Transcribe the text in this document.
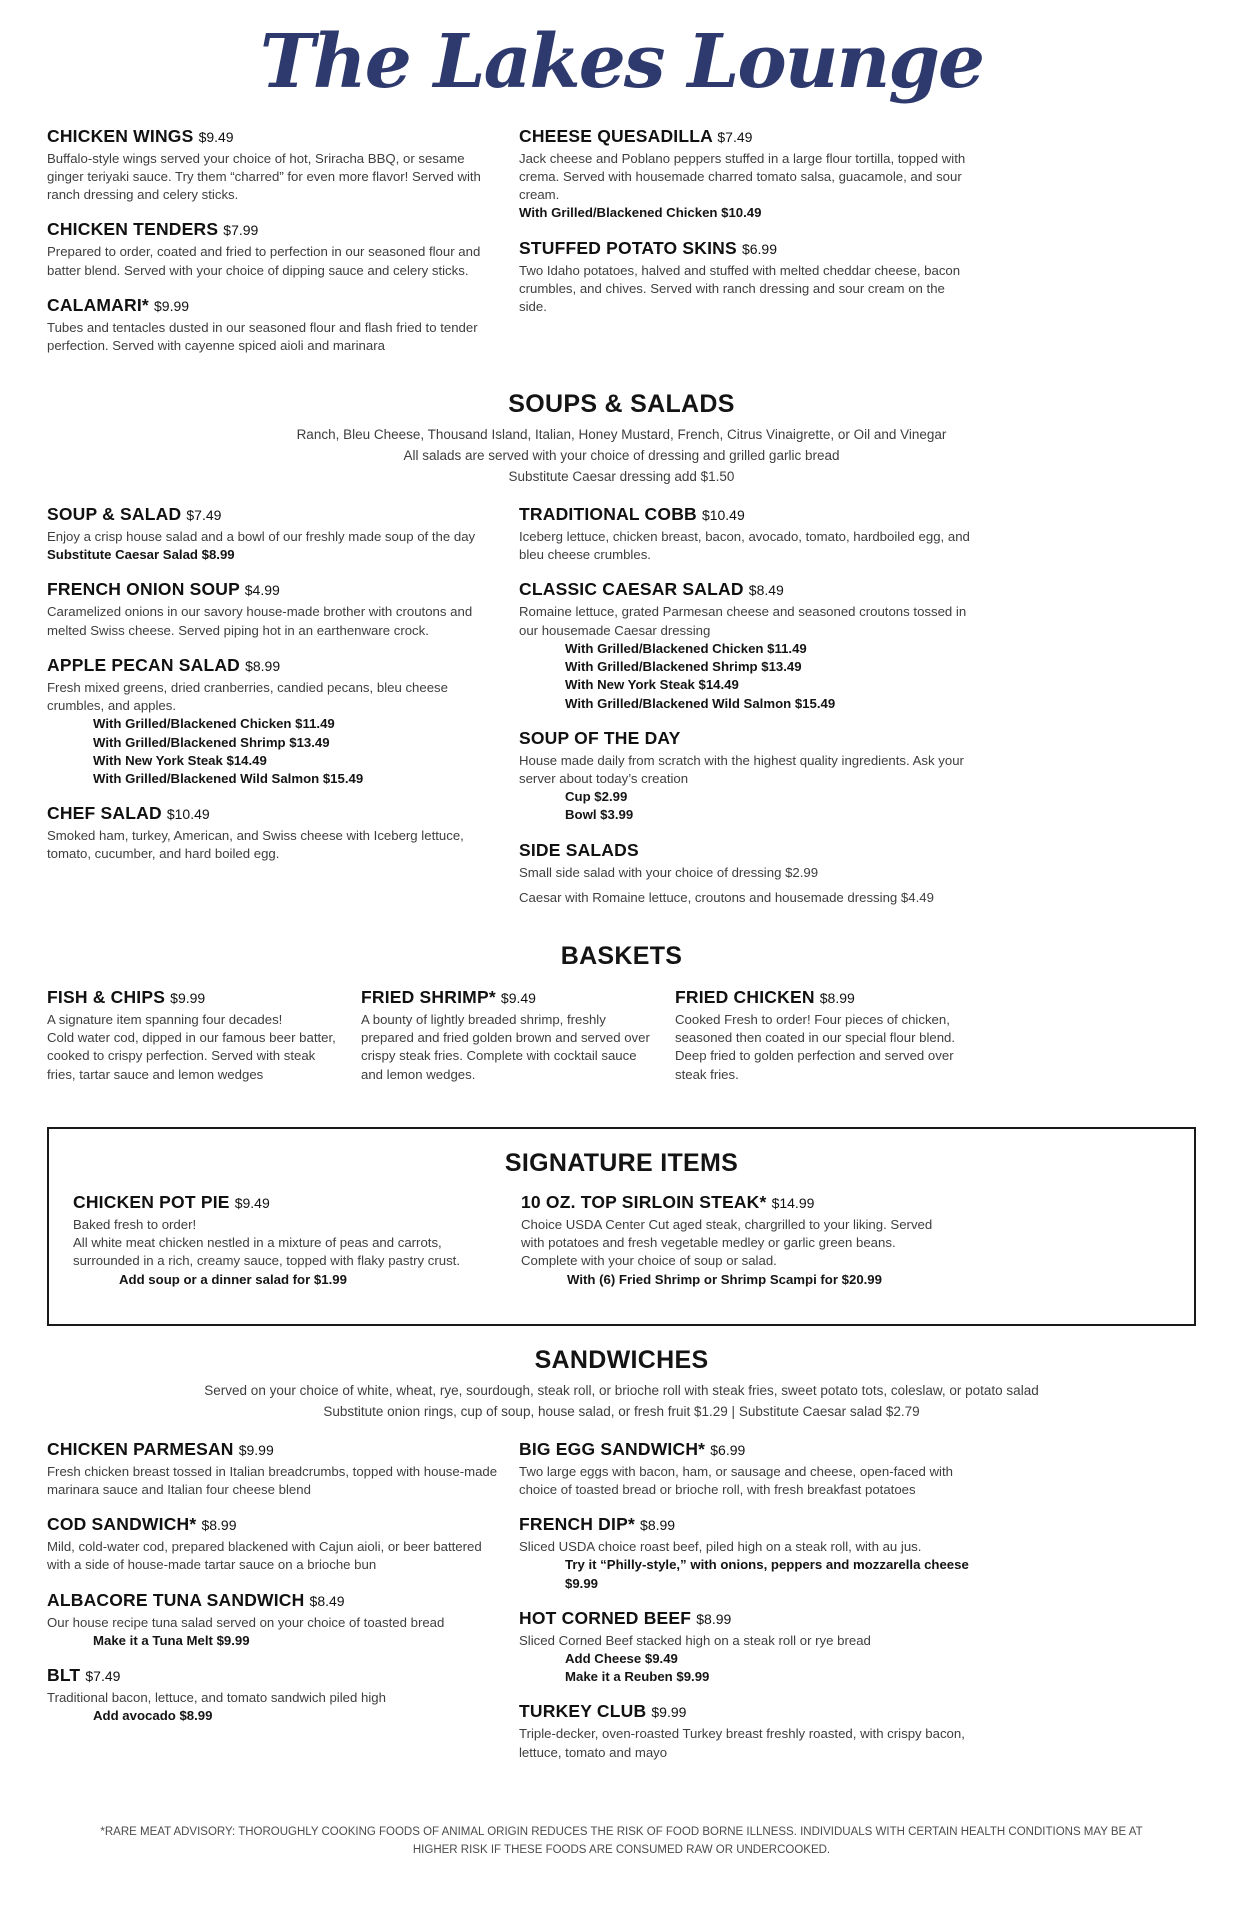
The Lakes Lounge
CHICKEN WINGS $9.49

Buffalo-style wings served your choice of hot, Sriracha BBQ, or sesame ginger teriyaki sauce. Try them “charred” for even more flavor! Served with ranch dressing and celery sticks.

CHICKEN TENDERS $7.99

Prepared to order, coated and fried to perfection in our seasoned flour and batter blend. Served with your choice of dipping sauce and celery sticks.

CALAMARI* $9.99

Tubes and tentacles dusted in our seasoned flour and flash fried to tender perfection. Served with cayenne spiced aioli and marinara

CHEESE QUESADILLA $7.49

Jack cheese and Poblano peppers stuffed in a large flour tortilla, topped with crema. Served with housemade charred tomato salsa, guacamole, and sour cream.

With Grilled/Blackened Chicken $10.49

STUFFED POTATO SKINS $6.99

Two Idaho potatoes, halved and stuffed with melted cheddar cheese, bacon crumbles, and chives. Served with ranch dressing and sour cream on the side.

SOUPS & SALADS

Ranch, Bleu Cheese, Thousand Island, Italian, Honey Mustard, French, Citrus Vinaigrette, or Oil and Vinegar

All salads are served with your choice of dressing and grilled garlic bread

Substitute Caesar dressing add $1.50

SOUP & SALAD $7.49

Enjoy a crisp house salad and a bowl of our freshly made soup of the day

Substitute Caesar Salad $8.99

FRENCH ONION SOUP $4.99

Caramelized onions in our savory house-made brother with croutons and melted Swiss cheese. Served piping hot in an earthenware crock.

APPLE PECAN SALAD $8.99

Fresh mixed greens, dried cranberries, candied pecans, bleu cheese crumbles, and apples.

With Grilled/Blackened Chicken $11.49

With Grilled/Blackened Shrimp $13.49

With New York Steak $14.49

With Grilled/Blackened Wild Salmon $15.49

CHEF SALAD $10.49

Smoked ham, turkey, American, and Swiss cheese with Iceberg lettuce, tomato, cucumber, and hard boiled egg.

TRADITIONAL COBB $10.49

Iceberg lettuce, chicken breast, bacon, avocado, tomato, hardboiled egg, and bleu cheese crumbles.

CLASSIC CAESAR SALAD $8.49

Romaine lettuce, grated Parmesan cheese and seasoned croutons tossed in our housemade Caesar dressing

With Grilled/Blackened Chicken $11.49

With Grilled/Blackened Shrimp $13.49

With New York Steak $14.49

With Grilled/Blackened Wild Salmon $15.49

SOUP OF THE DAY

House made daily from scratch with the highest quality ingredients. Ask your server about today’s creation

Cup $2.99

Bowl $3.99

SIDE SALADS

Small side salad with your choice of dressing $2.99

Caesar with Romaine lettuce, croutons and housemade dressing $4.49

BASKETS
FISH & CHIPS $9.99

A signature item spanning four decades!

Cold water cod, dipped in our famous beer batter, cooked to crispy perfection. Served with steak fries, tartar sauce and lemon wedges

FRIED SHRIMP* $9.49

A bounty of lightly breaded shrimp, freshly prepared and fried golden brown and served over crispy steak fries. Complete with cocktail sauce and lemon wedges.

FRIED CHICKEN $8.99

Cooked Fresh to order! Four pieces of chicken, seasoned then coated in our special flour blend. Deep fried to golden perfection and served over steak fries.

SIGNATURE ITEMS
CHICKEN POT PIE $9.49

Baked fresh to order!

All white meat chicken nestled in a mixture of peas and carrots, surrounded in a rich, creamy sauce, topped with flaky pastry crust.

Add soup or a dinner salad for $1.99

10 OZ. TOP SIRLOIN STEAK* $14.99

Choice USDA Center Cut aged steak, chargrilled to your liking. Served with potatoes and fresh vegetable medley or garlic green beans. Complete with your choice of soup or salad.

With (6) Fried Shrimp or Shrimp Scampi for $20.99

SANDWICHES

Served on your choice of white, wheat, rye, sourdough, steak roll, or brioche roll with steak fries, sweet potato tots, coleslaw, or potato salad

Substitute onion rings, cup of soup, house salad, or fresh fruit $1.29 | Substitute Caesar salad $2.79

CHICKEN PARMESAN $9.99

Fresh chicken breast tossed in Italian breadcrumbs, topped with house-made marinara sauce and Italian four cheese blend

COD SANDWICH* $8.99

Mild, cold-water cod, prepared blackened with Cajun aioli, or beer battered with a side of house-made tartar sauce on a brioche bun

ALBACORE TUNA SANDWICH $8.49

Our house recipe tuna salad served on your choice of toasted bread

Make it a Tuna Melt $9.99

BLT $7.49

Traditional bacon, lettuce, and tomato sandwich piled high

Add avocado $8.99

BIG EGG SANDWICH* $6.99

Two large eggs with bacon, ham, or sausage and cheese, open-faced with choice of toasted bread or brioche roll, with fresh breakfast potatoes

FRENCH DIP* $8.99

Sliced USDA choice roast beef, piled high on a steak roll, with au jus.

Try it “Philly-style,” with onions, peppers and mozzarella cheese $9.99

HOT CORNED BEEF $8.99

Sliced Corned Beef stacked high on a steak roll or rye bread

Add Cheese $9.49

Make it a Reuben $9.99

TURKEY CLUB $9.99

Triple-decker, oven-roasted Turkey breast freshly roasted, with crispy bacon, lettuce, tomato and mayo

*RARE MEAT ADVISORY: THOROUGHLY COOKING FOODS OF ANIMAL ORIGIN REDUCES THE RISK OF FOOD BORNE ILLNESS. INDIVIDUALS WITH CERTAIN HEALTH CONDITIONS MAY BE AT HIGHER RISK IF THESE FOODS ARE CONSUMED RAW OR UNDERCOOKED.
